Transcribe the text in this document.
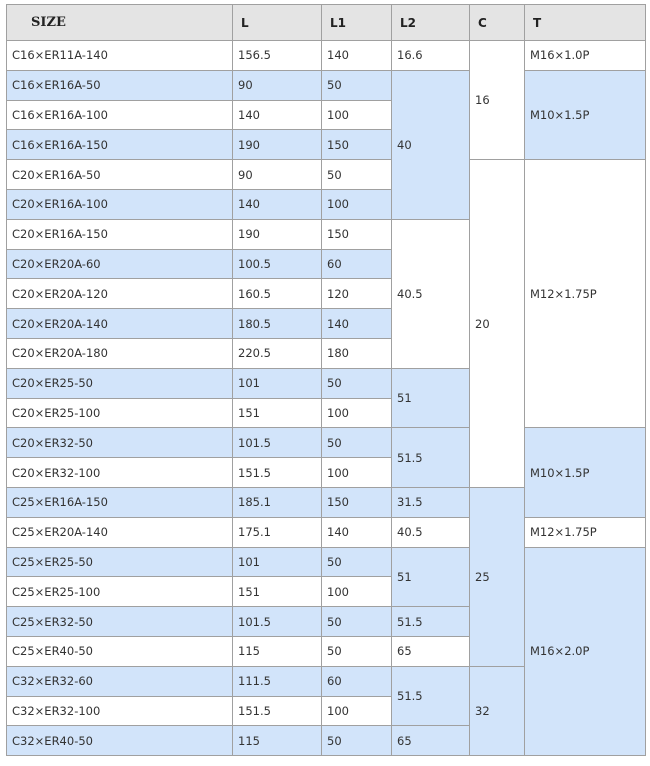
SIZE	L	L1	L2	C	T
C16×ER11A-140	156.5	140	16.6	16	M16×1.0P
C16×ER16A-50	90	50	40		M10×1.5P
C16×ER16A-100	140	100			
C16×ER16A-150	190	150			
C20×ER16A-50	90	50		20	M12×1.75P
C20×ER16A-100	140	100			
C20×ER16A-150	190	150	40.5		
C20×ER20A-60	100.5	60			
C20×ER20A-120	160.5	120			
C20×ER20A-140	180.5	140			
C20×ER20A-180	220.5	180			
C20×ER25-50	101	50	51		
C20×ER25-100	151	100			
C20×ER32-50	101.5	50	51.5		M10×1.5P
C20×ER32-100	151.5	100			
C25×ER16A-150	185.1	150	31.5	25	
C25×ER20A-140	175.1	140	40.5		M12×1.75P
C25×ER25-50	101	50	51		M16×2.0P
C25×ER25-100	151	100			
C25×ER32-50	101.5	50	51.5		
C25×ER40-50	115	50	65		
C32×ER32-60	111.5	60	51.5	32	
C32×ER32-100	151.5	100			
C32×ER40-50	115	50	65		
